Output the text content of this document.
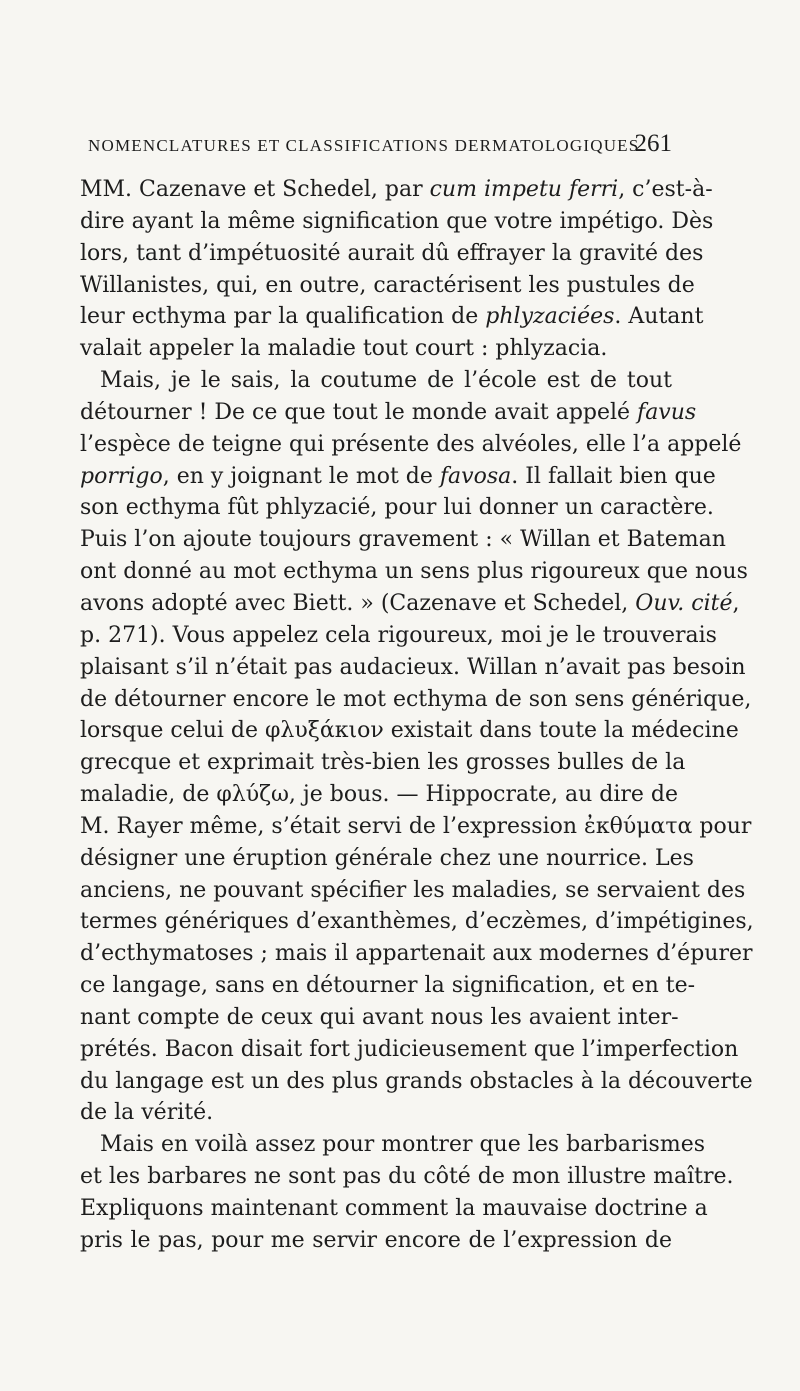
NOMENCLATURES ET CLASSIFICATIONS DERMATOLOGIQUES.
261
MM. Cazenave et Schedel, par cum impetu ferri, c’est-à-
dire ayant la même signification que votre impétigo. Dès
lors, tant d’impétuosité aurait dû effrayer la gravité des
Willanistes, qui, en outre, caractérisent les pustules de
leur ecthyma par la qualification de phlyzaciées. Autant
valait appeler la maladie tout court : phlyzacia.
Mais, je le sais, la coutume de l’école est de tout
détourner ! De ce que tout le monde avait appelé favus
l’espèce de teigne qui présente des alvéoles, elle l’a appelé
porrigo, en y joignant le mot de favosa. Il fallait bien que
son ecthyma fût phlyzacié, pour lui donner un caractère.
Puis l’on ajoute toujours gravement : « Willan et Bateman
ont donné au mot ecthyma un sens plus rigoureux que nous
avons adopté avec Biett. » (Cazenave et Schedel, Ouv. cité,
p. 271). Vous appelez cela rigoureux, moi je le trouverais
plaisant s’il n’était pas audacieux. Willan n’avait pas besoin
de détourner encore le mot ecthyma de son sens générique,
lorsque celui de φλυξάκιον existait dans toute la médecine
grecque et exprimait très-bien les grosses bulles de la
maladie, de φλύζω, je bous. — Hippocrate, au dire de
M. Rayer même, s’était servi de l’expression ἐκθύματα pour
désigner une éruption générale chez une nourrice. Les
anciens, ne pouvant spécifier les maladies, se servaient des
termes génériques d’exanthèmes, d’eczèmes, d’impétigines,
d’ecthymatoses ; mais il appartenait aux modernes d’épurer
ce langage, sans en détourner la signification, et en te-
nant compte de ceux qui avant nous les avaient inter-
prétés. Bacon disait fort judicieusement que l’imperfection
du langage est un des plus grands obstacles à la découverte
de la vérité.
Mais en voilà assez pour montrer que les barbarismes
et les barbares ne sont pas du côté de mon illustre maître.
Expliquons maintenant comment la mauvaise doctrine a
pris le pas, pour me servir encore de l’expression de
